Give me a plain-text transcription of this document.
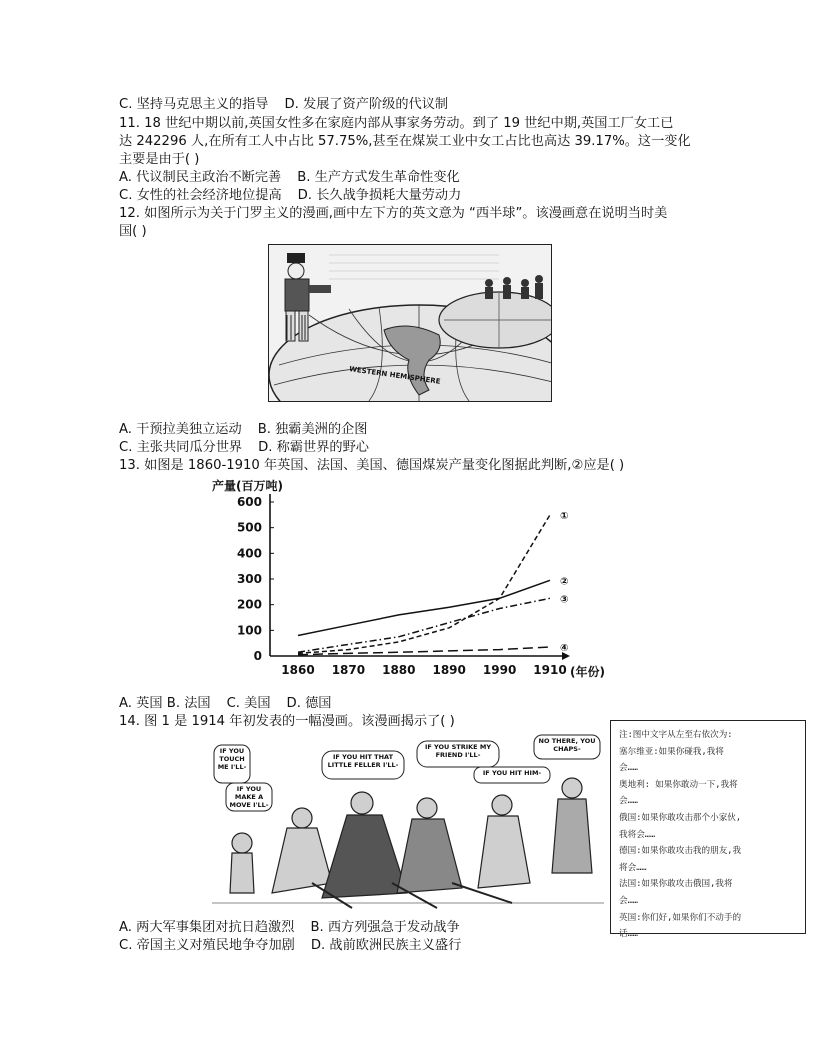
C. 坚持马克思主义的指导 D. 发展了资产阶级的代议制
11. 18 世纪中期以前,英国女性多在家庭内部从事家务劳动。到了 19 世纪中期,英国工厂女工已
达 242296 人,在所有工人中占比 57.75%,甚至在煤炭工业中女工占比也高达 39.17%。这一变化
主要是由于( )
A. 代议制民主政治不断完善 B. 生产方式发生革命性变化
C. 女性的社会经济地位提高 D. 长久战争损耗大量劳动力
12. 如图所示为关于门罗主义的漫画,画中左下方的英文意为 “西半球”。该漫画意在说明当时美
国( )
WESTERN HEMISPHERE
A. 干预拉美独立运动 B. 独霸美洲的企图
C. 主张共同瓜分世界 D. 称霸世界的野心
13. 如图是 1860-1910 年英国、法国、美国、德国煤炭产量变化图据此判断,②应是( )
产量(百万吨)
0
100
200
300
400
500
600
1860 1870 1880 1890 1990 1910
①
②
③
④
(年份)
A. 英国 B. 法国 C. 美国 D. 德国
14. 图 1 是 1914 年初发表的一幅漫画。该漫画揭示了( )
IF YOU TOUCH ME I'LL-
IF YOU MAKE A MOVE I'LL-
IF YOU HIT THAT LITTLE FELLER I'LL-
IF YOU STRIKE MY FRIEND I'LL-
IF YOU HIT HIM-
NO THERE, YOU CHAPS-
注:图中文字从左至右依次为:
塞尔维亚:如果你碰我,我将
会……
奥地利: 如果你敢动一下,我将
会……
俄国:如果你敢攻击那个小家伙,
我将会……
德国:如果你敢攻击我的朋友,我
将会……
法国:如果你敢攻击俄国,我将
会……
英国:你们好,如果你们不动手的
话……
A. 两大军事集团对抗日趋激烈 B. 西方列强急于发动战争
C. 帝国主义对殖民地争夺加剧 D. 战前欧洲民族主义盛行
